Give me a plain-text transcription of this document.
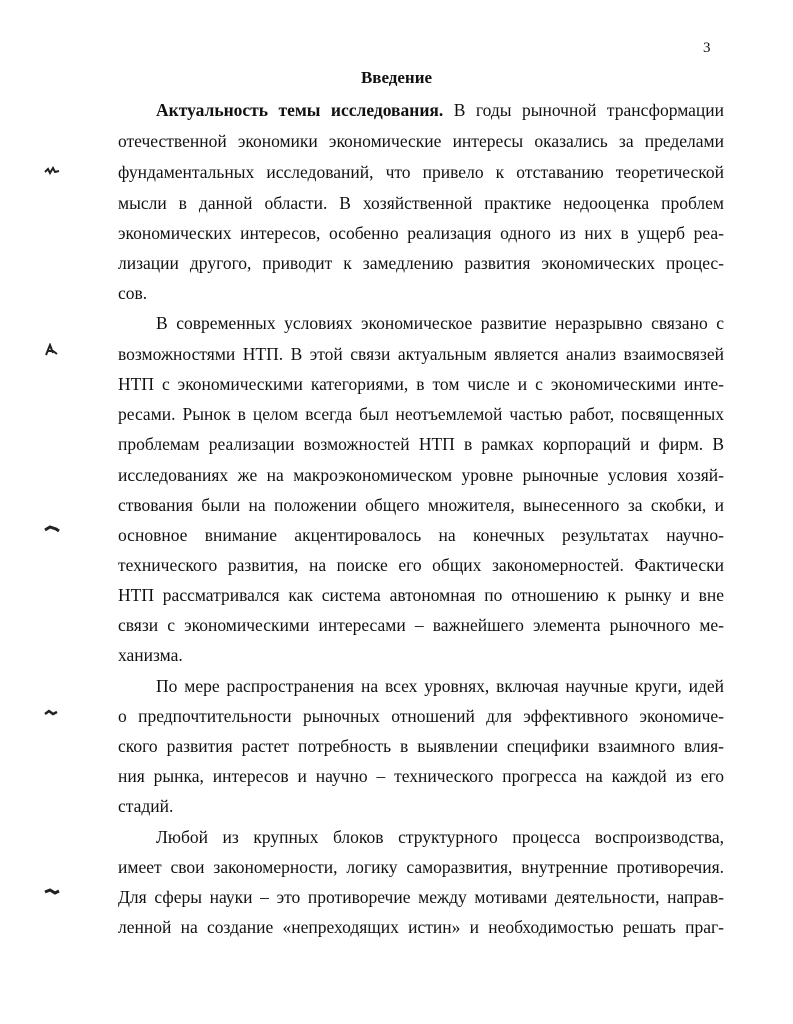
3
Введение
Актуальность темы исследования. В годы рыночной трансформации
отечественной экономики экономические интересы оказались за пределами
фундаментальных исследований, что привело к отставанию теоретической
мысли в данной области. В хозяйственной практике недооценка проблем
экономических интересов, особенно реализация одного из них в ущерб реа-
лизации другого, приводит к замедлению развития экономических процес-
сов.
В современных условиях экономическое развитие неразрывно связано с
возможностями НТП. В этой связи актуальным является анализ взаимосвязей
НТП с экономическими категориями, в том числе и с экономическими инте-
ресами. Рынок в целом всегда был неотъемлемой частью работ, посвященных
проблемам реализации возможностей НТП в рамках корпораций и фирм. В
исследованиях же на макроэкономическом уровне рыночные условия хозяй-
ствования были на положении общего множителя, вынесенного за скобки, и
основное внимание акцентировалось на конечных результатах научно-
технического развития, на поиске его общих закономерностей. Фактически
НТП рассматривался как система автономная по отношению к рынку и вне
связи с экономическими интересами – важнейшего элемента рыночного ме-
ханизма.
По мере распространения на всех уровнях, включая научные круги, идей
о предпочтительности рыночных отношений для эффективного экономиче-
ского развития растет потребность в выявлении специфики взаимного влия-
ния рынка, интересов и научно – технического прогресса на каждой из его
стадий.
Любой из крупных блоков структурного процесса воспроизводства,
имеет свои закономерности, логику саморазвития, внутренние противоречия.
Для сферы науки – это противоречие между мотивами деятельности, направ-
ленной на создание «непреходящих истин» и необходимостью решать праг-
